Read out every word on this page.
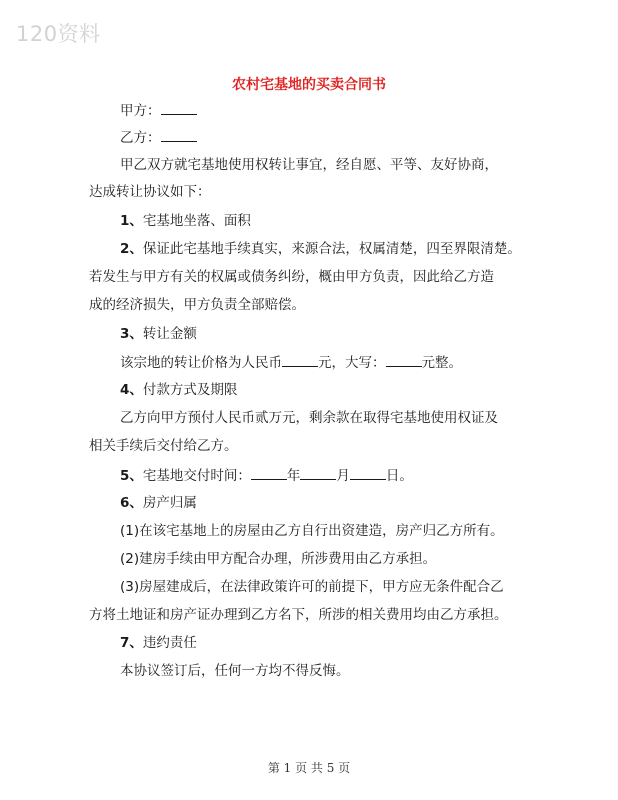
120资料
农村宅基地的买卖合同书
甲方：
乙方：
甲乙双方就宅基地使用权转让事宜，经自愿、平等、友好协商，
达成转让协议如下：
1、宅基地坐落、面积
2、保证此宅基地手续真实，来源合法，权属清楚，四至界限清楚。
若发生与甲方有关的权属或债务纠纷，概由甲方负责，因此给乙方造
成的经济损失，甲方负责全部赔偿。
3、转让金额
该宗地的转让价格为人民币	元，大写：	元整。
4、付款方式及期限
乙方向甲方预付人民币贰万元，剩余款在取得宅基地使用权证及
相关手续后交付给乙方。
5、宅基地交付时间：	年	月	日。
6、房产归属
(1)在该宅基地上的房屋由乙方自行出资建造，房产归乙方所有。
(2)建房手续由甲方配合办理，所涉费用由乙方承担。
(3)房屋建成后，在法律政策许可的前提下，甲方应无条件配合乙
方将土地证和房产证办理到乙方名下，所涉的相关费用均由乙方承担。
7、违约责任
本协议签订后，任何一方均不得反悔。
第 1 页 共 5 页
